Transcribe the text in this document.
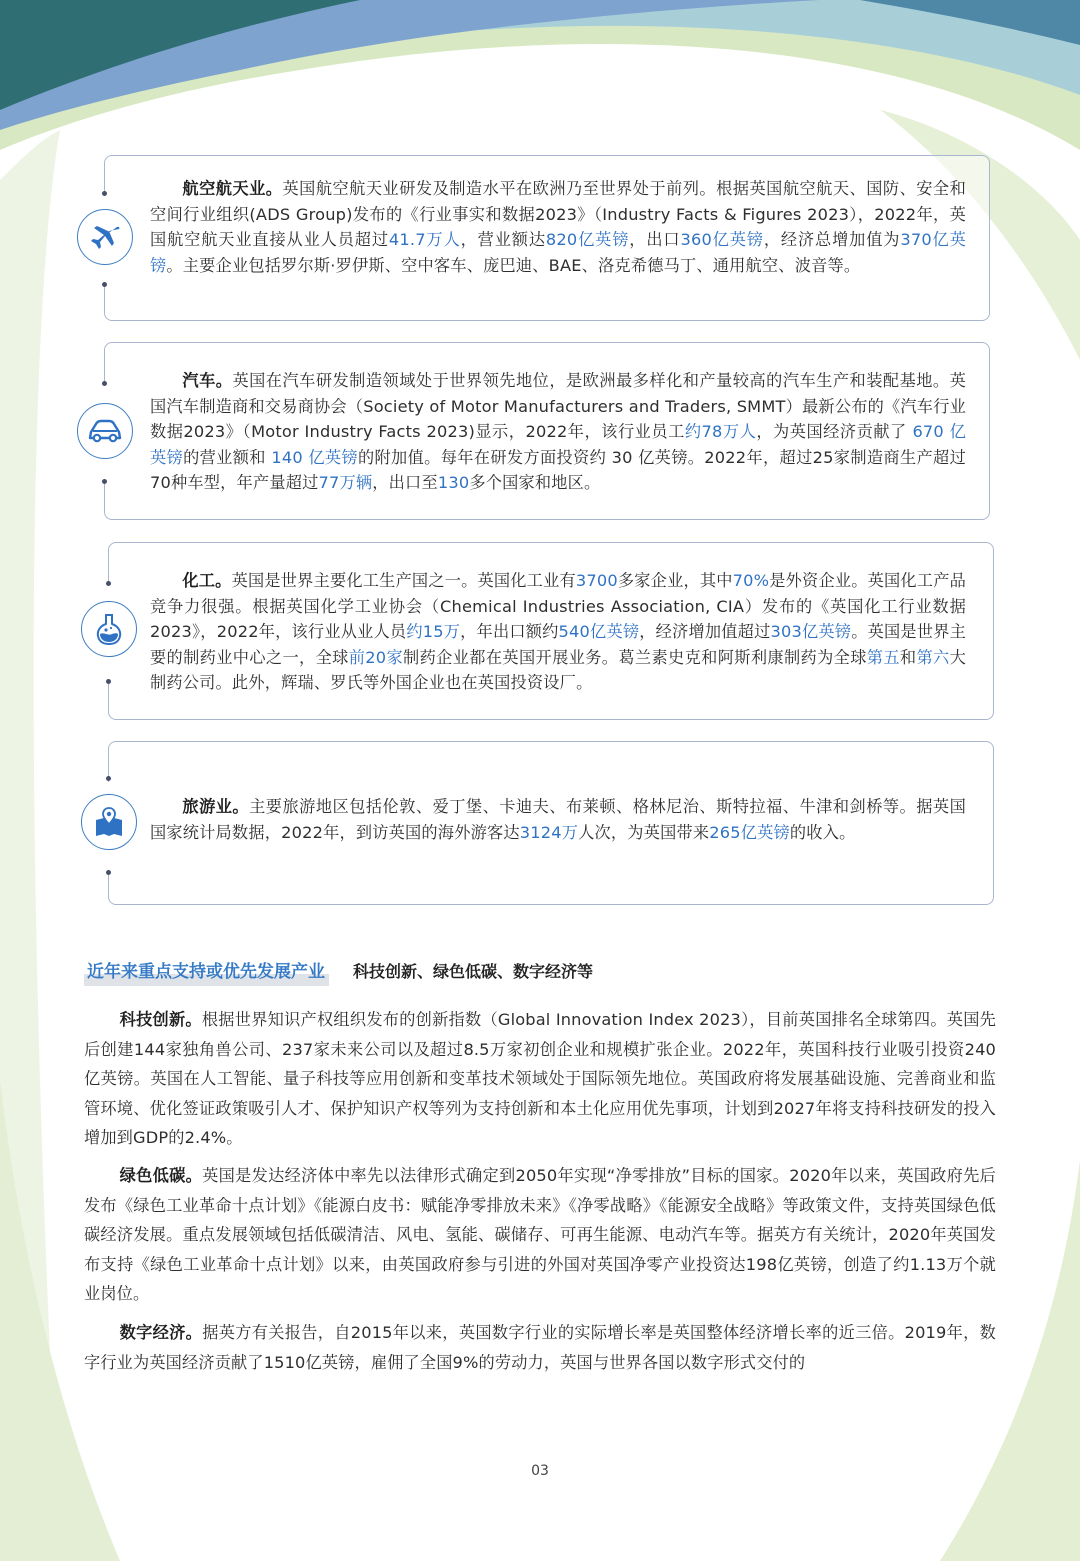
航空航天业。英国航空航天业研发及制造水平在欧洲乃至世界处于前列。根据英国航空航天、国防、安全和空间行业组织(ADS Group)发布的《行业事实和数据2023》（Industry Facts & Figures 2023），2022年，英国航空航天业直接从业人员超过41.7万人，营业额达820亿英镑，出口360亿英镑，经济总增加值为370亿英镑。主要企业包括罗尔斯·罗伊斯、空中客车、庞巴迪、BAE、洛克希德马丁、通用航空、波音等。
汽车。英国在汽车研发制造领域处于世界领先地位，是欧洲最多样化和产量较高的汽车生产和装配基地。英国汽车制造商和交易商协会（Society of Motor Manufacturers and Traders, SMMT）最新公布的《汽车行业数据2023》（Motor Industry Facts 2023)显示，2022年，该行业员工约78万人，为英国经济贡献了 670 亿英镑的营业额和 140 亿英镑的附加值。每年在研发方面投资约 30 亿英镑。2022年，超过25家制造商生产超过70种车型，年产量超过77万辆，出口至130多个国家和地区。
化工。英国是世界主要化工生产国之一。英国化工业有3700多家企业，其中70%是外资企业。英国化工产品竞争力很强。根据英国化学工业协会（Chemical Industries Association, CIA）发布的《英国化工行业数据2023》，2022年，该行业从业人员约15万，年出口额约540亿英镑，经济增加值超过303亿英镑。英国是世界主要的制药业中心之一，全球前20家制药企业都在英国开展业务。葛兰素史克和阿斯利康制药为全球第五和第六大制药公司。此外，辉瑞、罗氏等外国企业也在英国投资设厂。
旅游业。主要旅游地区包括伦敦、爱丁堡、卡迪夫、布莱顿、格林尼治、斯特拉福、牛津和剑桥等。据英国国家统计局数据，2022年，到访英国的海外游客达3124万人次，为英国带来265亿英镑的收入。
近年来重点支持或优先发展产业 科技创新、绿色低碳、数字经济等
科技创新。根据世界知识产权组织发布的创新指数（Global Innovation Index 2023），目前英国排名全球第四。英国先后创建144家独角兽公司、237家未来公司以及超过8.5万家初创企业和规模扩张企业。2022年，英国科技行业吸引投资240亿英镑。英国在人工智能、量子科技等应用创新和变革技术领域处于国际领先地位。英国政府将发展基础设施、完善商业和监管环境、优化签证政策吸引人才、保护知识产权等列为支持创新和本土化应用优先事项，计划到2027年将支持科技研发的投入增加到GDP的2.4%。
绿色低碳。英国是发达经济体中率先以法律形式确定到2050年实现“净零排放”目标的国家。2020年以来，英国政府先后发布《绿色工业革命十点计划》《能源白皮书：赋能净零排放未来》《净零战略》《能源安全战略》等政策文件，支持英国绿色低碳经济发展。重点发展领域包括低碳清洁、风电、氢能、碳储存、可再生能源、电动汽车等。据英方有关统计，2020年英国发布支持《绿色工业革命十点计划》以来，由英国政府参与引进的外国对英国净零产业投资达198亿英镑，创造了约1.13万个就业岗位。
数字经济。据英方有关报告，自2015年以来，英国数字行业的实际增长率是英国整体经济增长率的近三倍。2019年，数字行业为英国经济贡献了1510亿英镑，雇佣了全国9%的劳动力，英国与世界各国以数字形式交付的
03
